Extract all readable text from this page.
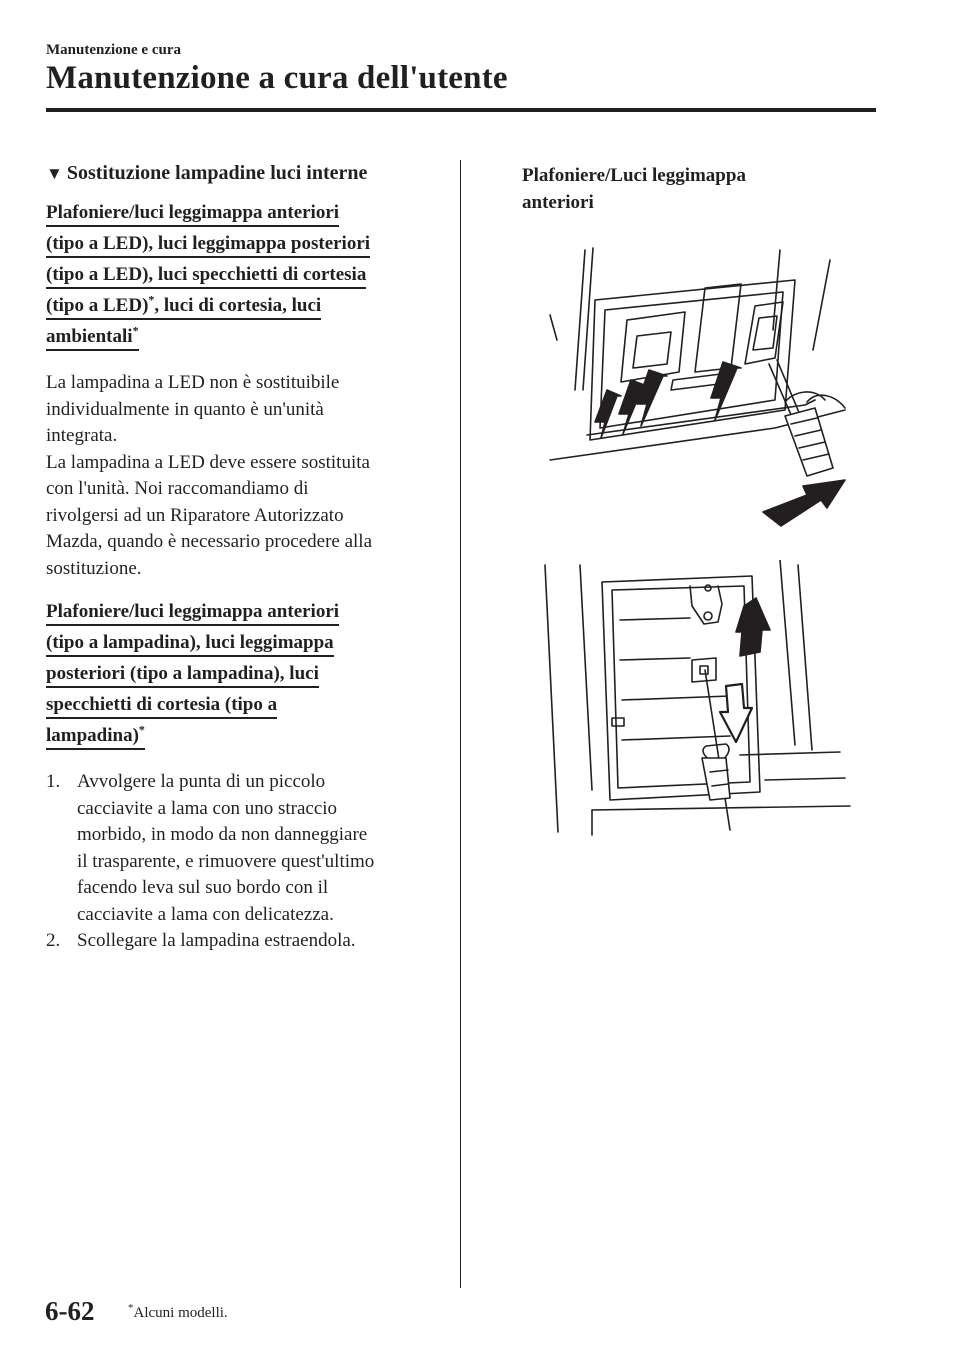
Manutenzione e cura
Manutenzione a cura dell'utente
▼ Sostituzione lampadine luci interne
Plafoniere/luci leggimappa anteriori
(tipo a LED), luci leggimappa posteriori
(tipo a LED), luci specchietti di cortesia
(tipo a LED)*, luci di cortesia, luci
ambientali*
La lampadina a LED non è sostituibile
individualmente in quanto è un'unità
integrata.
La lampadina a LED deve essere sostituita
con l'unità. Noi raccomandiamo di
rivolgersi ad un Riparatore Autorizzato
Mazda, quando è necessario procedere alla
sostituzione.
Plafoniere/luci leggimappa anteriori
(tipo a lampadina), luci leggimappa
posteriori (tipo a lampadina), luci
specchietti di cortesia (tipo a
lampadina)*
1. Avvolgere la punta di un piccolo
cacciavite a lama con uno straccio
morbido, in modo da non danneggiare
il trasparente, e rimuovere quest'ultimo
facendo leva sul suo bordo con il
cacciavite a lama con delicatezza.
2. Scollegare la lampadina estraendola.
Plafoniere/Luci leggimappa
anteriori
6-62	*Alcuni modelli.
